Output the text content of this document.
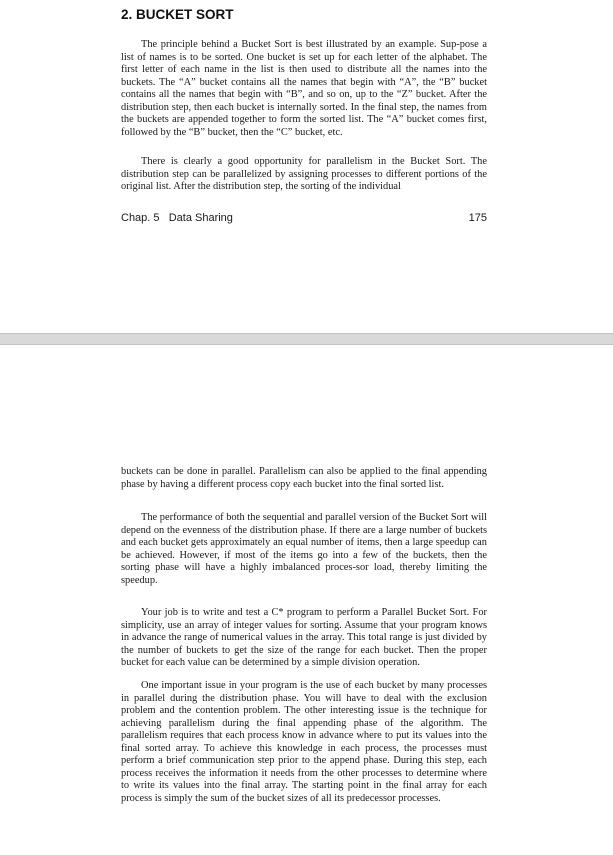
2. BUCKET SORT

The principle behind a Bucket Sort is best illustrated by an example. Sup-pose a list of names is to be sorted. One bucket is set up for each letter of the alphabet. The first letter of each name in the list is then used to distribute all the names into the buckets. The “A” bucket contains all the names that begin with “A”, the “B” bucket contains all the names that begin with “B”, and so on, up to the “Z” bucket. After the distribution step, then each bucket is internally sorted. In the final step, the names from the buckets are appended together to form the sorted list. The “A” bucket comes first, followed by the “B” bucket, then the “C” bucket, etc.

There is clearly a good opportunity for parallelism in the Bucket Sort. The distribution step can be parallelized by assigning processes to different portions of the original list. After the distribution step, the sorting of the individual

Chap. 5 Data Sharing	175

buckets can be done in parallel. Parallelism can also be applied to the final appending phase by having a different process copy each bucket into the final sorted list.

The performance of both the sequential and parallel version of the Bucket Sort will depend on the evenness of the distribution phase. If there are a large number of buckets and each bucket gets approximately an equal number of items, then a large speedup can be achieved. However, if most of the items go into a few of the buckets, then the sorting phase will have a highly imbalanced proces-sor load, thereby limiting the speedup.

Your job is to write and test a C* program to perform a Parallel Bucket Sort. For simplicity, use an array of integer values for sorting. Assume that your program knows in advance the range of numerical values in the array. This total range is just divided by the number of buckets to get the size of the range for each bucket. Then the proper bucket for each value can be determined by a simple division operation.

One important issue in your program is the use of each bucket by many processes in parallel during the distribution phase. You will have to deal with the exclusion problem and the contention problem. The other interesting issue is the technique for achieving parallelism during the final appending phase of the algorithm. The parallelism requires that each process know in advance where to put its values into the final sorted array. To achieve this knowledge in each process, the processes must perform a brief communication step prior to the append phase. During this step, each process receives the information it needs from the other processes to determine where to write its values into the final array. The starting point in the final array for each process is simply the sum of the bucket sizes of all its predecessor processes.
